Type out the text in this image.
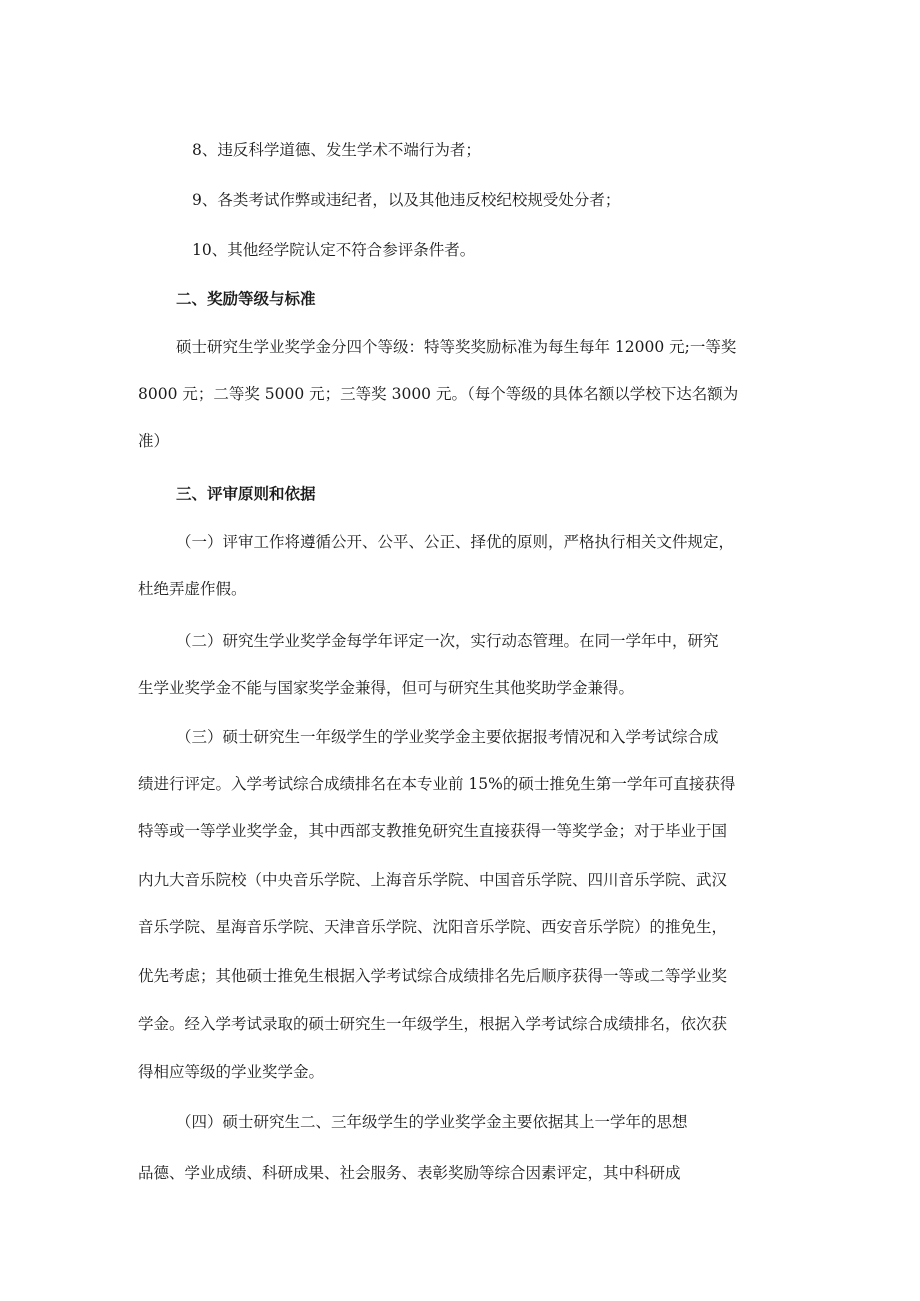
8、违反科学道德、发生学术不端行为者；
9、各类考试作弊或违纪者，以及其他违反校纪校规受处分者；
10、其他经学院认定不符合参评条件者。
二、奖励等级与标准
硕士研究生学业奖学金分四个等级：特等奖奖励标准为每生每年 12000 元;一等奖
8000 元；二等奖 5000 元；三等奖 3000 元。（每个等级的具体名额以学校下达名额为
准）
三、评审原则和依据
（一）评审工作将遵循公开、公平、公正、择优的原则，严格执行相关文件规定，
杜绝弄虚作假。
（二）研究生学业奖学金每学年评定一次，实行动态管理。在同一学年中，研究
生学业奖学金不能与国家奖学金兼得，但可与研究生其他奖助学金兼得。
（三）硕士研究生一年级学生的学业奖学金主要依据报考情况和入学考试综合成
绩进行评定。入学考试综合成绩排名在本专业前 15%的硕士推免生第一学年可直接获得
特等或一等学业奖学金，其中西部支教推免研究生直接获得一等奖学金；对于毕业于国
内九大音乐院校（中央音乐学院、上海音乐学院、中国音乐学院、四川音乐学院、武汉
音乐学院、星海音乐学院、天津音乐学院、沈阳音乐学院、西安音乐学院）的推免生，
优先考虑；其他硕士推免生根据入学考试综合成绩排名先后顺序获得一等或二等学业奖
学金。经入学考试录取的硕士研究生一年级学生，根据入学考试综合成绩排名，依次获
得相应等级的学业奖学金。
（四）硕士研究生二、三年级学生的学业奖学金主要依据其上一学年的思想
品德、学业成绩、科研成果、社会服务、表彰奖励等综合因素评定，其中科研成
